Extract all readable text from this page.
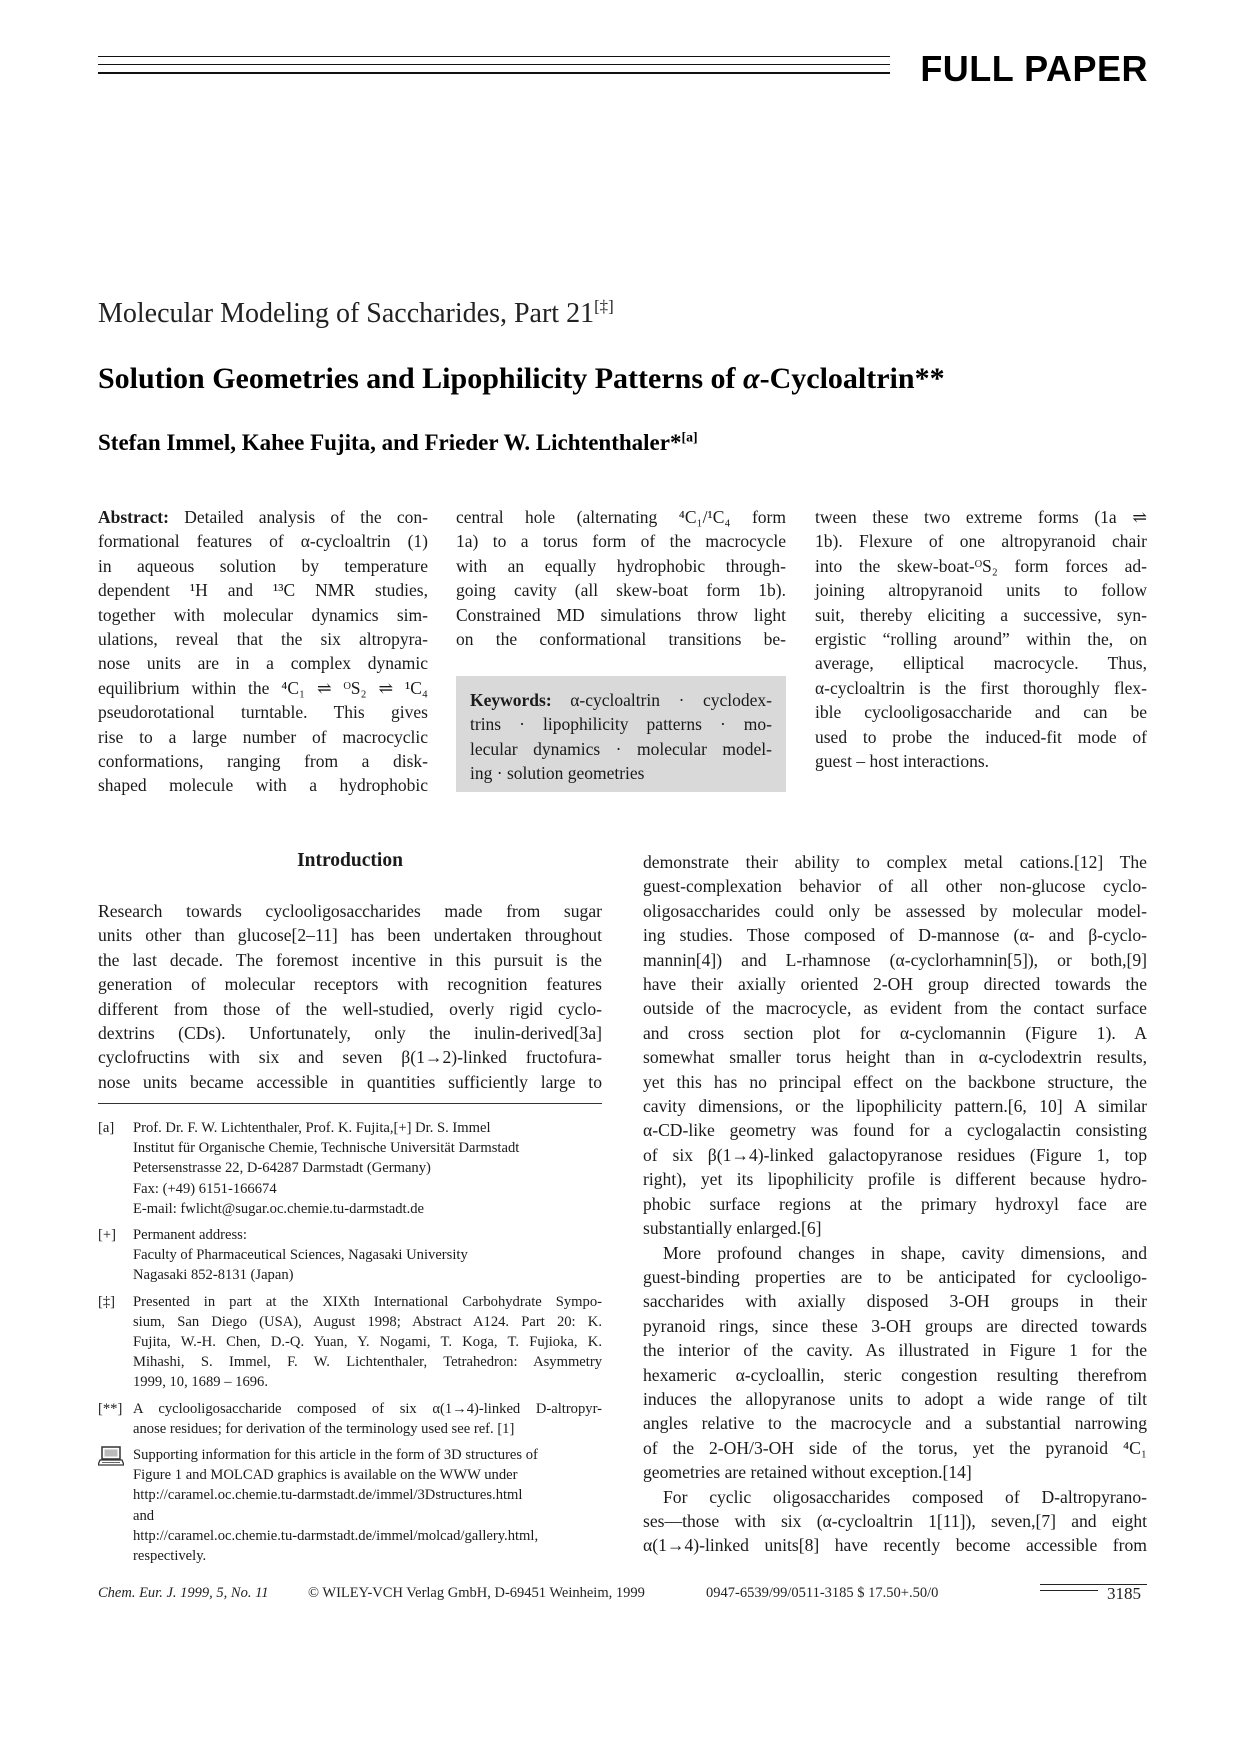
FULL PAPER
Molecular Modeling of Saccharides, Part 21[‡]
Solution Geometries and Lipophilicity Patterns of α-Cycloaltrin**
Stefan Immel, Kahee Fujita, and Frieder W. Lichtenthaler*[a]
Abstract: Detailed analysis of the con-
formational features of α-cycloaltrin (1)
in aqueous solution by temperature
dependent ¹H and ¹³C NMR studies,
together with molecular dynamics sim-
ulations, reveal that the six altropyra-
nose units are in a complex dynamic
equilibrium within the ⁴C₁ ⇌ ᴼS₂ ⇌ ¹C₄
pseudorotational turntable. This gives
rise to a large number of macrocyclic
conformations, ranging from a disk-
shaped molecule with a hydrophobic
central hole (alternating ⁴C₁/¹C₄ form
1a) to a torus form of the macrocycle
with an equally hydrophobic through-
going cavity (all skew-boat form 1b).
Constrained MD simulations throw light
on the conformational transitions be-
Keywords: α-cycloaltrin · cyclodex-
trins · lipophilicity patterns · mo-
lecular dynamics · molecular model-
ing · solution geometries
tween these two extreme forms (1a ⇌
1b). Flexure of one altropyranoid chair
into the skew-boat-ᴼS₂ form forces ad-
joining altropyranoid units to follow
suit, thereby eliciting a successive, syn-
ergistic “rolling around” within the, on
average, elliptical macrocycle. Thus,
α-cycloaltrin is the first thoroughly flex-
ible cyclooligosaccharide and can be
used to probe the induced-fit mode of
guest – host interactions.
Introduction
Research towards cyclooligosaccharides made from sugar
units other than glucose[2–11] has been undertaken throughout
the last decade. The foremost incentive in this pursuit is the
generation of molecular receptors with recognition features
different from those of the well-studied, overly rigid cyclo-
dextrins (CDs). Unfortunately, only the inulin-derived[3a]
cyclofructins with six and seven β(1→2)-linked fructofura-
nose units became accessible in quantities sufficiently large to
[a] Prof. Dr. F. W. Lichtenthaler, Prof. K. Fujita,[+] Dr. S. Immel
Institut für Organische Chemie, Technische Universität Darmstadt
Petersenstrasse 22, D-64287 Darmstadt (Germany)
Fax: (+49) 6151-166674
E-mail: fwlicht@sugar.oc.chemie.tu-darmstadt.de
[+] Permanent address:
Faculty of Pharmaceutical Sciences, Nagasaki University
Nagasaki 852-8131 (Japan)
[‡] Presented in part at the XIXth International Carbohydrate Sympo-
sium, San Diego (USA), August 1998; Abstract A124. Part 20: K.
Fujita, W.-H. Chen, D.-Q. Yuan, Y. Nogami, T. Koga, T. Fujioka, K.
Mihashi, S. Immel, F. W. Lichtenthaler, Tetrahedron: Asymmetry
1999, 10, 1689 – 1696.
[**] A cyclooligosaccharide composed of six α(1→4)-linked D-altropyr-
anose residues; for derivation of the terminology used see ref. [1]
Supporting information for this article in the form of 3D structures of
Figure 1 and MOLCAD graphics is available on the WWW under
http://caramel.oc.chemie.tu-darmstadt.de/immel/3Dstructures.html
and
http://caramel.oc.chemie.tu-darmstadt.de/immel/molcad/gallery.html,
respectively.
demonstrate their ability to complex metal cations.[12] The
guest-complexation behavior of all other non-glucose cyclo-
oligosaccharides could only be assessed by molecular model-
ing studies. Those composed of D-mannose (α- and β-cyclo-
mannin[4]) and L-rhamnose (α-cyclorhamnin[5]), or both,[9]
have their axially oriented 2-OH group directed towards the
outside of the macrocycle, as evident from the contact surface
and cross section plot for α-cyclomannin (Figure 1). A
somewhat smaller torus height than in α-cyclodextrin results,
yet this has no principal effect on the backbone structure, the
cavity dimensions, or the lipophilicity pattern.[6, 10] A similar
α-CD-like geometry was found for a cyclogalactin consisting
of six β(1→4)-linked galactopyranose residues (Figure 1, top
right), yet its lipophilicity profile is different because hydro-
phobic surface regions at the primary hydroxyl face are
substantially enlarged.[6]
More profound changes in shape, cavity dimensions, and
guest-binding properties are to be anticipated for cyclooligo-
saccharides with axially disposed 3-OH groups in their
pyranoid rings, since these 3-OH groups are directed towards
the interior of the cavity. As illustrated in Figure 1 for the
hexameric α-cycloallin, steric congestion resulting therefrom
induces the allopyranose units to adopt a wide range of tilt
angles relative to the macrocycle and a substantial narrowing
of the 2-OH/3-OH side of the torus, yet the pyranoid ⁴C₁
geometries are retained without exception.[14]
For cyclic oligosaccharides composed of D-altropyrano-
ses—those with six (α-cycloaltrin 1[11]), seven,[7] and eight
α(1→4)-linked units[8] have recently become accessible from
Chem. Eur. J. 1999, 5, No. 11	© WILEY-VCH Verlag GmbH, D-69451 Weinheim, 1999	0947-6539/99/0511-3185 $ 17.50+.50/0	3185
